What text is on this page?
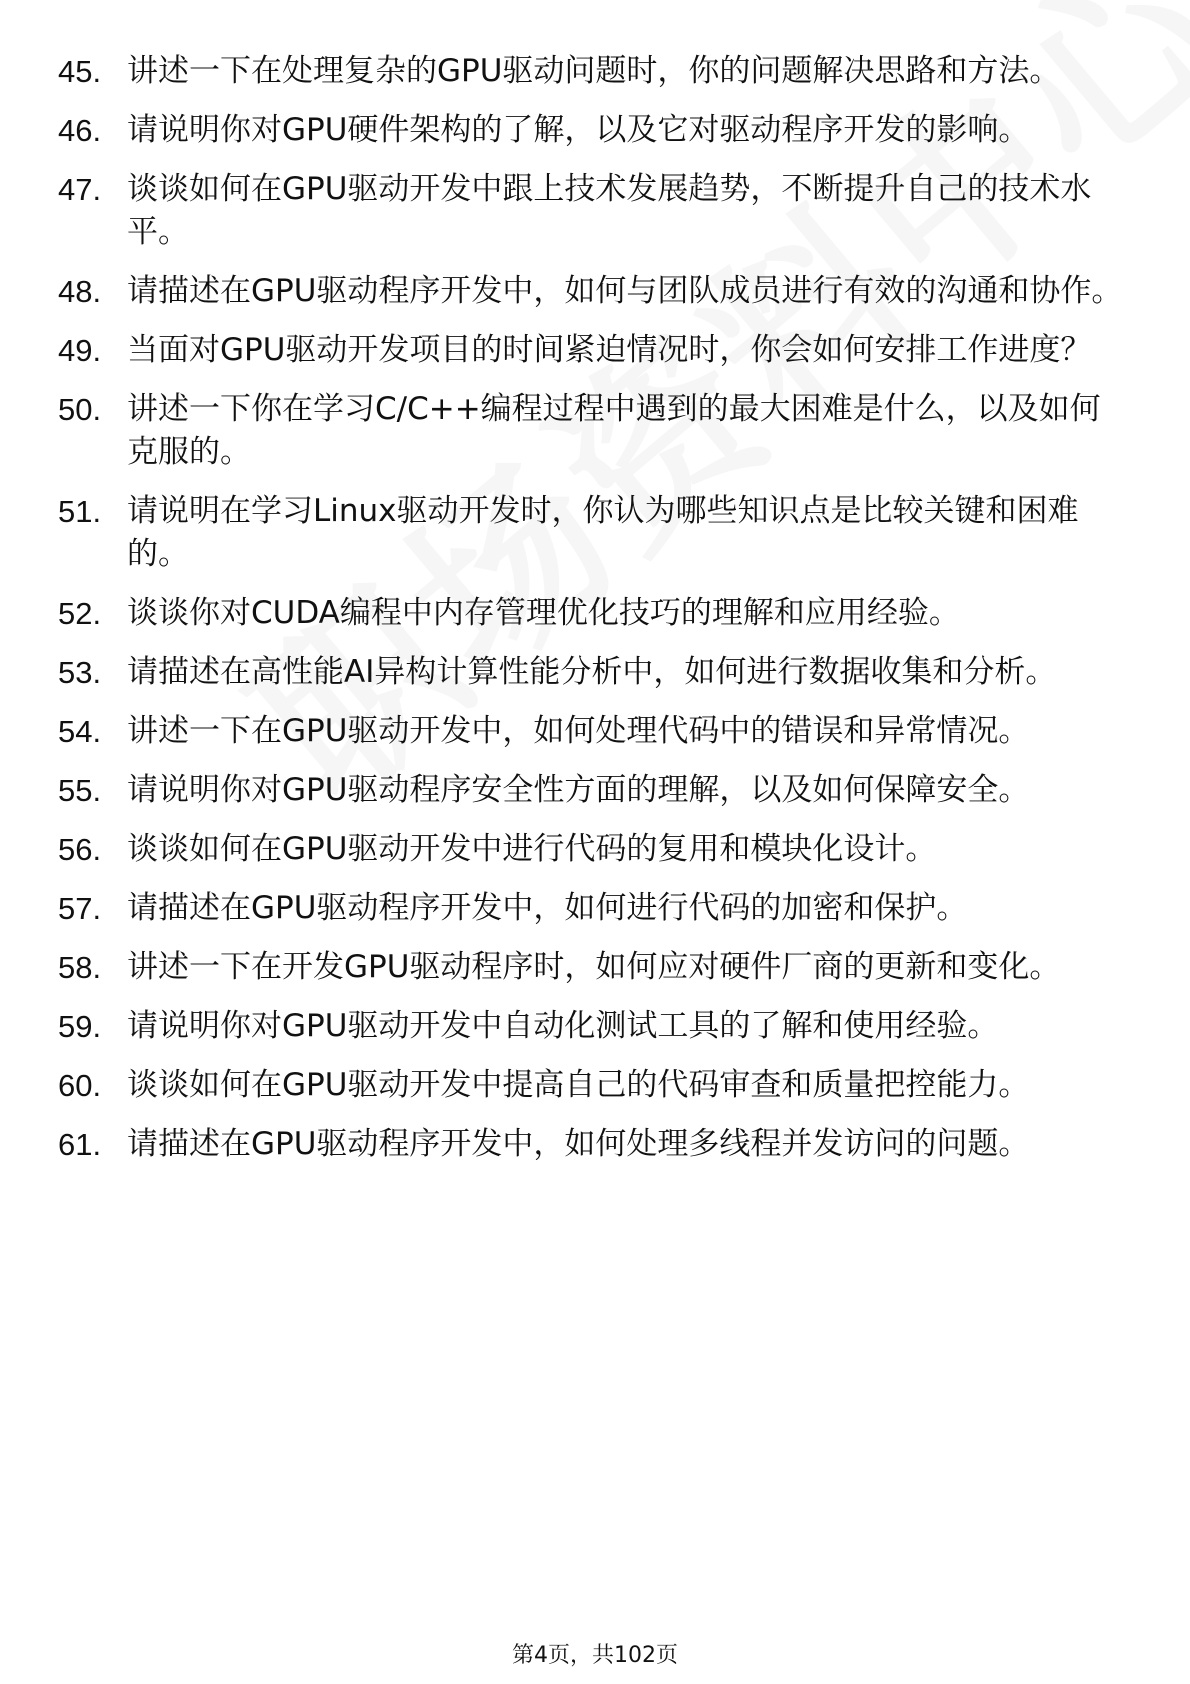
45. 讲述一下在处理复杂的GPU驱动问题时，你的问题解决思路和方法。
46. 请说明你对GPU硬件架构的了解，以及它对驱动程序开发的影响。
47. 谈谈如何在GPU驱动开发中跟上技术发展趋势，不断提升自己的技术水平。
48. 请描述在GPU驱动程序开发中，如何与团队成员进行有效的沟通和协作。
49. 当面对GPU驱动开发项目的时间紧迫情况时，你会如何安排工作进度？
50. 讲述一下你在学习C/C++编程过程中遇到的最大困难是什么，以及如何克服的。
51. 请说明在学习Linux驱动开发时，你认为哪些知识点是比较关键和困难的。
52. 谈谈你对CUDA编程中内存管理优化技巧的理解和应用经验。
53. 请描述在高性能AI异构计算性能分析中，如何进行数据收集和分析。
54. 讲述一下在GPU驱动开发中，如何处理代码中的错误和异常情况。
55. 请说明你对GPU驱动程序安全性方面的理解，以及如何保障安全。
56. 谈谈如何在GPU驱动开发中进行代码的复用和模块化设计。
57. 请描述在GPU驱动程序开发中，如何进行代码的加密和保护。
58. 讲述一下在开发GPU驱动程序时，如何应对硬件厂商的更新和变化。
59. 请说明你对GPU驱动开发中自动化测试工具的了解和使用经验。
60. 谈谈如何在GPU驱动开发中提高自己的代码审查和质量把控能力。
61. 请描述在GPU驱动程序开发中，如何处理多线程并发访问的问题。
第4页，共102页
